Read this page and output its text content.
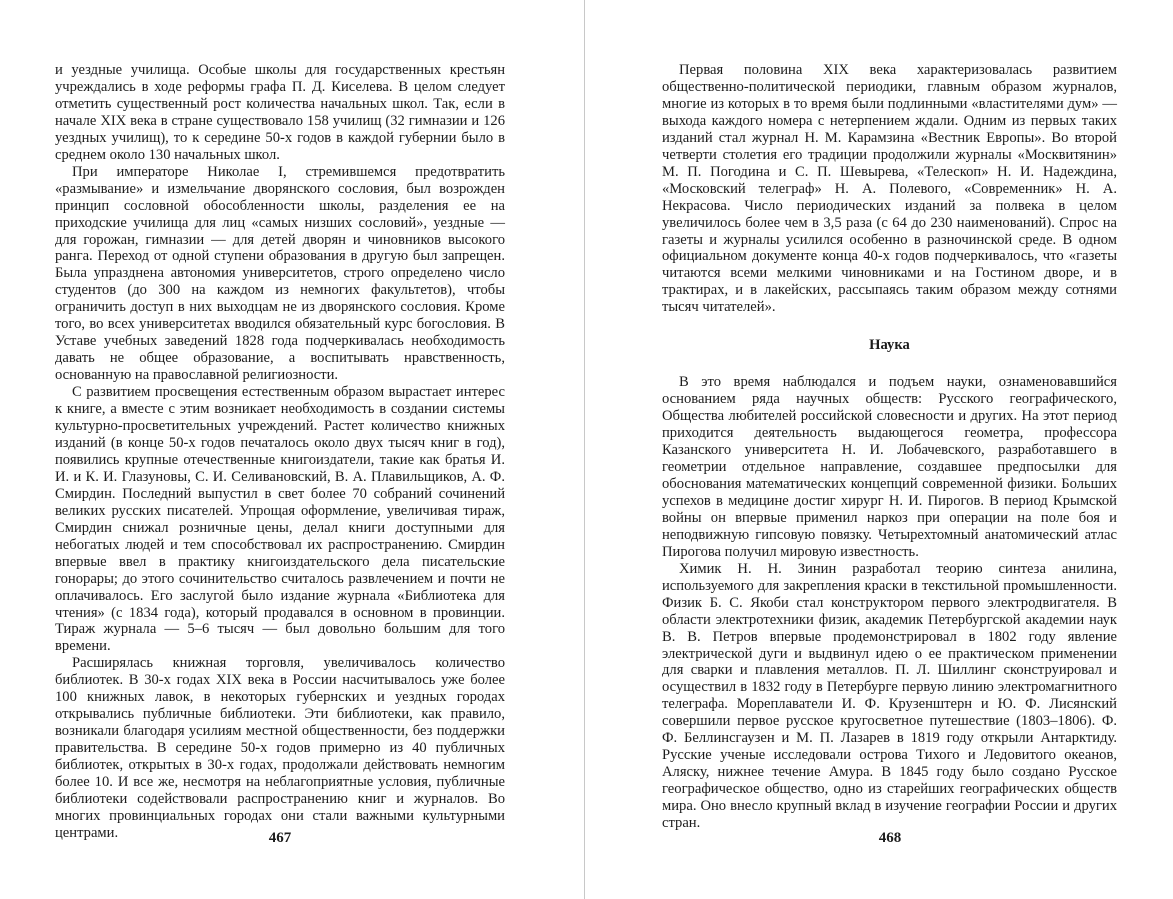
и уездные училища. Особые школы для государственных крестьян учреждались в ходе реформы графа П. Д. Киселева. В целом следует отметить существенный рост количества начальных школ. Так, если в начале XIX века в стране существовало 158 училищ (32 гимназии и 126 уездных училищ), то к середине 50-х годов в каждой губернии было в среднем около 130 начальных школ.

При императоре Николае I, стремившемся предотвратить «размывание» и измельчание дворянского сословия, был возрожден принцип сословной обособленности школы, разделения ее на приходские училища для лиц «самых низших сословий», уездные — для горожан, гимназии — для детей дворян и чиновников высокого ранга. Переход от одной ступени образования в другую был запрещен. Была упразднена автономия университетов, строго определено число студентов (до 300 на каждом из немногих факультетов), чтобы ограничить доступ в них выходцам не из дворянского сословия. Кроме того, во всех университетах вводился обязательный курс богословия. В Уставе учебных заведений 1828 года подчеркивалась необходимость давать не общее образование, а воспитывать нравственность, основанную на православной религиозности.

С развитием просвещения естественным образом вырастает интерес к книге, а вместе с этим возникает необходимость в создании системы культурно-просветительных учреждений. Растет количество книжных изданий (в конце 50-х годов печаталось около двух тысяч книг в год), появились крупные отечественные книгоиздатели, такие как братья И. И. и К. И. Глазуновы, С. И. Селивановский, В. А. Плавильщиков, А. Ф. Смирдин. Последний выпустил в свет более 70 собраний сочинений великих русских писателей. Упрощая оформление, увеличивая тираж, Смирдин снижал розничные цены, делал книги доступными для небогатых людей и тем способствовал их распространению. Смирдин впервые ввел в практику книгоиздательского дела писательские гонорары; до этого сочинительство считалось развлечением и почти не оплачивалось. Его заслугой было издание журнала «Библиотека для чтения» (с 1834 года), который продавался в основном в провинции. Тираж журнала — 5–6 тысяч — был довольно большим для того времени.

Расширялась книжная торговля, увеличивалось количество библиотек. В 30-х годах XIX века в России насчитывалось уже более 100 книжных лавок, в некоторых губернских и уездных городах открывались публичные библиотеки. Эти библиотеки, как правило, возникали благодаря усилиям местной общественности, без поддержки правительства. В середине 50-х годов примерно из 40 публичных библиотек, открытых в 30-х годах, продолжали действовать немногим более 10. И все же, несмотря на неблагоприятные условия, публичные библиотеки содействовали распространению книг и журналов. Во многих провинциальных городах они стали важными культурными центрами.	467

Первая половина XIX века характеризовалась развитием общественно-политической периодики, главным образом журналов, многие из которых в то время были подлинными «властителями дум» — выхода каждого номера с нетерпением ждали. Одним из первых таких изданий стал журнал Н. М. Карамзина «Вестник Европы». Во второй четверти столетия его традиции продолжили журналы «Москвитянин» М. П. Погодина и С. П. Шевырева, «Телескоп» Н. И. Надеждина, «Московский телеграф» Н. А. Полевого, «Современник» Н. А. Некрасова. Число периодических изданий за полвека в целом увеличилось более чем в 3,5 раза (с 64 до 230 наименований). Спрос на газеты и журналы усилился особенно в разночинской среде. В одном официальном документе конца 40-х годов подчеркивалось, что «газеты читаются всеми мелкими чиновниками и на Гостином дворе, и в трактирах, и в лакейских, рассыпаясь таким образом между сотнями тысяч читателей».

Наука

В это время наблюдался и подъем науки, ознаменовавшийся основанием ряда научных обществ: Русского географического, Общества любителей российской словесности и других. На этот период приходится деятельность выдающегося геометра, профессора Казанского университета Н. И. Лобачевского, разработавшего в геометрии отдельное направление, создавшее предпосылки для обоснования математических концепций современной физики. Больших успехов в медицине достиг хирург Н. И. Пирогов. В период Крымской войны он впервые применил наркоз при операции на поле боя и неподвижную гипсовую повязку. Четырехтомный анатомический атлас Пирогова получил мировую известность.

Химик Н. Н. Зинин разработал теорию синтеза анилина, используемого для закрепления краски в текстильной промышленности. Физик Б. С. Якоби стал конструктором первого электродвигателя. В области электротехники физик, академик Петербургской академии наук В. В. Петров впервые продемонстрировал в 1802 году явление электрической дуги и выдвинул идею о ее практическом применении для сварки и плавления металлов. П. Л. Шиллинг сконструировал и осуществил в 1832 году в Петербурге первую линию электромагнитного телеграфа. Мореплаватели И. Ф. Крузенштерн и Ю. Ф. Лисянский совершили первое русское кругосветное путешествие (1803–1806). Ф. Ф. Беллинсгаузен и М. П. Лазарев в 1819 году открыли Антарктиду. Русские ученые исследовали острова Тихого и Ледовитого океанов, Аляску, нижнее течение Амура. В 1845 году было создано Русское географическое общество, одно из старейших географических обществ мира. Оно внесло крупный вклад в изучение географии России и других стран.

468
